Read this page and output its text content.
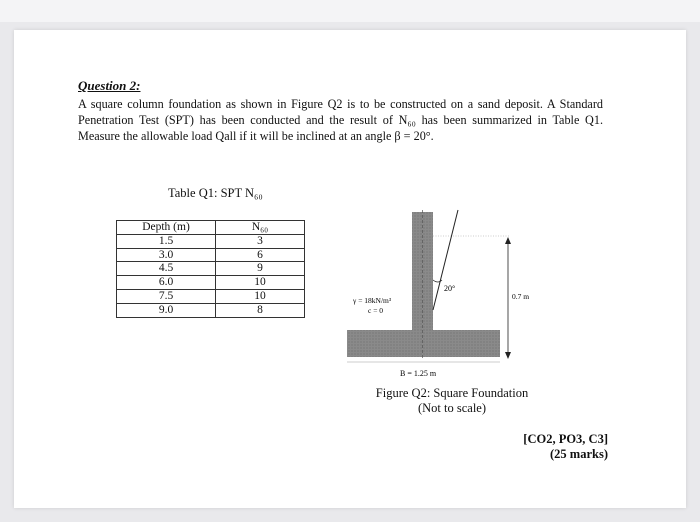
Question 2:
A square column foundation as shown in Figure Q2 is to be constructed on a sand deposit. A Standard Penetration Test (SPT) has been conducted and the result of N₆₀ has been summarized in Table Q1. Measure the allowable load Qall if it will be inclined at an angle β = 20°.
Table Q1: SPT N₆₀
Depth (m)	N₆₀
1.5	3
3.0	6
4.5	9
6.0	10
7.5	10
9.0	8
20°
γ = 18kN/m³
c = 0
0.7 m
B = 1.25 m
Figure Q2: Square Foundation
(Not to scale)
[CO2, PO3, C3]
(25 marks)
